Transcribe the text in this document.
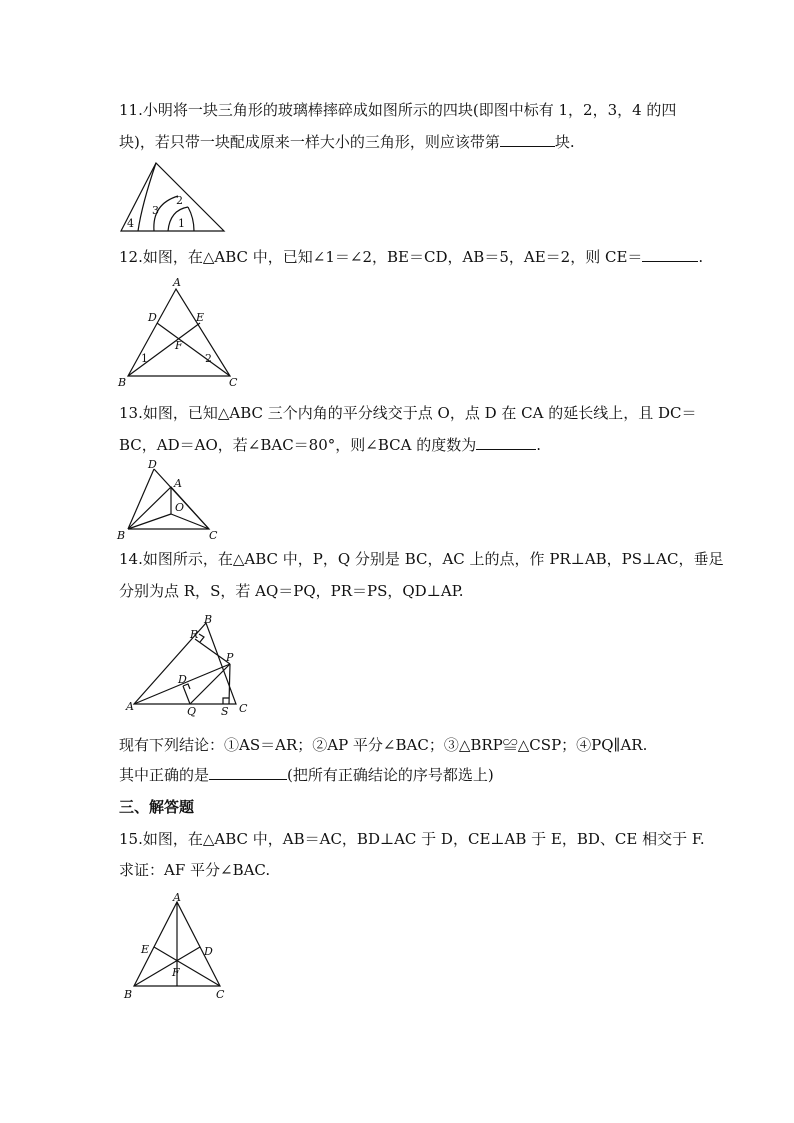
11.小明将一块三角形的玻璃棒摔碎成如图所示的四块(即图中标有 1，2，3，4 的四
块)，若只带一块配成原来一样大小的三角形，则应该带第	块.
2
3
4	1
12.如图，在△ABC 中，已知∠1＝∠2，BE＝CD，AB＝5，AE＝2，则 CE＝	.
A
B	C
D	E
F
1	2
13.如图，已知△ABC 三个内角的平分线交于点 O，点 D 在 CA 的延长线上，且 DC＝
BC，AD＝AO，若∠BAC＝80°，则∠BCA 的度数为	.
D
A
O
B	C
14.如图所示，在△ABC 中，P，Q 分别是 BC，AC 上的点，作 PR⊥AB，PS⊥AC，垂足
分别为点 R，S，若 AQ＝PQ，PR＝PS，QD⊥AP.
B
R
P
D
A	Q S C
现有下列结论：①AS＝AR；②AP 平分∠BAC；③△BRP≌△CSP；④PQ∥AR.
其中正确的是	(把所有正确结论的序号都选上)
三、解答题
15.如图，在△ABC 中，AB＝AC，BD⊥AC 于 D，CE⊥AB 于 E，BD、CE 相交于 F.
求证：AF 平分∠BAC.
A
E	D
F
B	C
